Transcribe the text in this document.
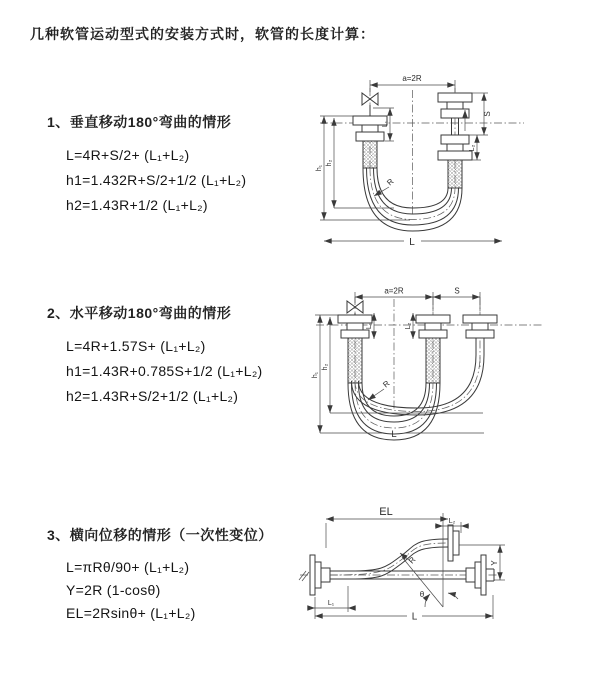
几种软管运动型式的安装方式时，软管的长度计算：
1、垂直移动180°弯曲的情形
L=4R+S/2+ (L₁+L₂)
h1=1.432R+S/2+1/2 (L₁+L₂)
h2=1.43R+1/2 (L₁+L₂)
2、水平移动180°弯曲的情形
L=4R+1.57S+ (L₁+L₂)
h1=1.43R+0.785S+1/2 (L₁+L₂)
h2=1.43R+S/2+1/2 (L₁+L₂)
3、横向位移的情形（一次性变位）
L=πRθ/90+ (L₁+L₂)
Y=2R (1-cosθ)
EL=2Rsinθ+ (L₁+L₂)
a=2R
S
L₂
h₁
h₂
L₁
R
L
a=2R	S
L₁	L₂
h₁
h₂
R
L
θ
R
EL
L₂
Y
L₁
L
